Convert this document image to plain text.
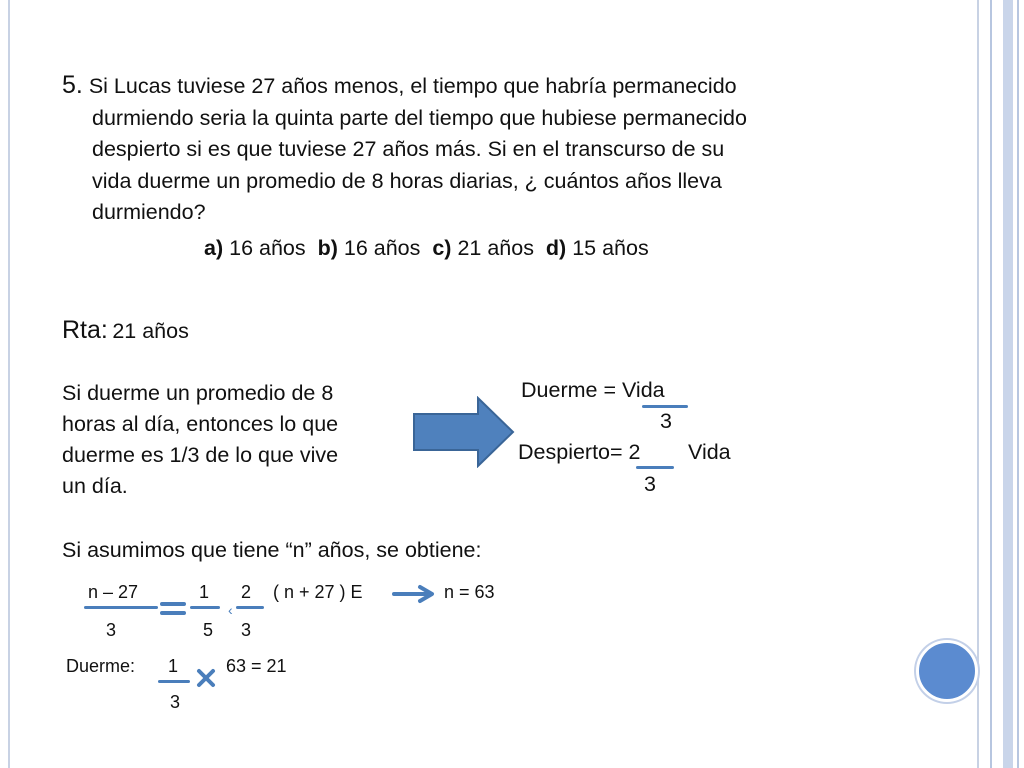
5. Si Lucas tuviese 27 años menos, el tiempo que habría permanecido
durmiendo seria la quinta parte del tiempo que hubiese permanecido
despierto si es que tuviese 27 años más. Si en el transcurso de su
vida duerme un promedio de 8 horas diarias, ¿ cuántos años lleva
durmiendo?
a) 16 años b) 16 años c) 21 años d) 15 años
Rta: 21 años
Si duerme un promedio de 8
horas al día, entonces lo que
duerme es 1/3 de lo que vive
un día.
Duerme = Vida
3
Despierto= 2 Vida
3
Si asumimos que tiene “n” años, se obtiene:
n – 27
3
1
5
‹
2
3
( n + 27 ) E	n = 63
Duerme: 1
3
63 = 21
